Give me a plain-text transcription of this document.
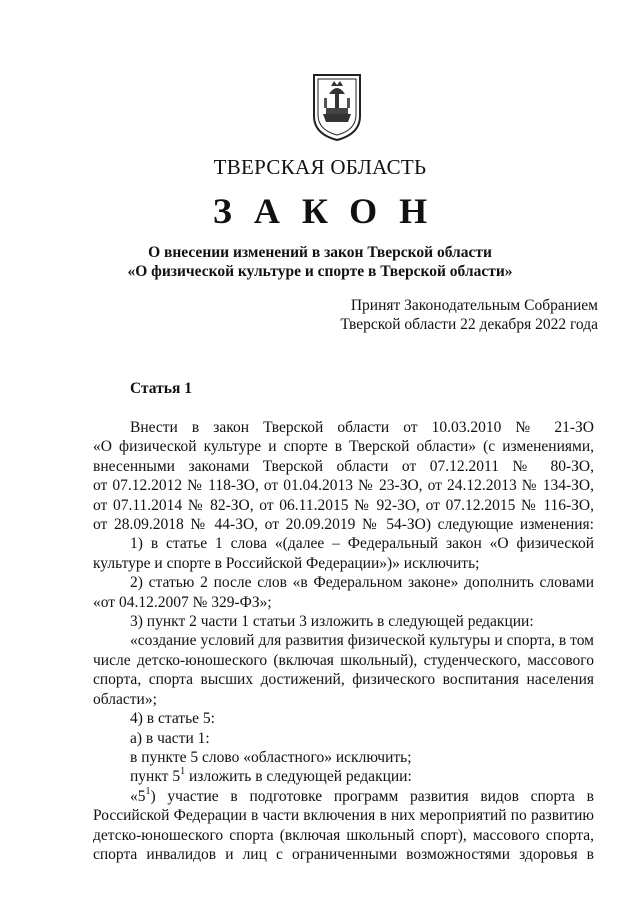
ТВЕРСКАЯ ОБЛАСТЬ
ЗАКОН
О внесении изменений в закон Тверской области
«О физической культуре и спорте в Тверской области»
Принят Законодательным Собранием
Тверской области 22 декабря 2022 года
Статья 1

Внести в закон Тверской области от 10.03.2010 № 21-ЗО

«О физической культуре и спорте в Тверской области» (с изменениями,

внесенными законами Тверской области от 07.12.2011 № 80-ЗО,

от 07.12.2012 № 118-ЗО, от 01.04.2013 № 23-ЗО, от 24.12.2013 № 134-ЗО,

от 07.11.2014 № 82-ЗО, от 06.11.2015 № 92-ЗО, от 07.12.2015 № 116-ЗО,

от 28.09.2018 № 44-ЗО, от 20.09.2019 № 54-ЗО) следующие изменения:

1) в статье 1 слова «(далее – Федеральный закон «О физической

культуре и спорте в Российской Федерации»)» исключить;

2) статью 2 после слов «в Федеральном законе» дополнить словами

«от 04.12.2007 № 329-ФЗ»;

3) пункт 2 части 1 статьи 3 изложить в следующей редакции:

«создание условий для развития физической культуры и спорта, в том

числе детско-юношеского (включая школьный), студенческого, массового

спорта, спорта высших достижений, физического воспитания населения

области»;

4) в статье 5:

а) в части 1:

в пункте 5 слово «областного» исключить;

пункт $5^1$ изложить в следующей редакции:

«$5^1$) участие в подготовке программ развития видов спорта в

Российской Федерации в части включения в них мероприятий по развитию

детско-юношеского спорта (включая школьный спорт), массового спорта,

спорта инвалидов и лиц с ограниченными возможностями здоровья в
